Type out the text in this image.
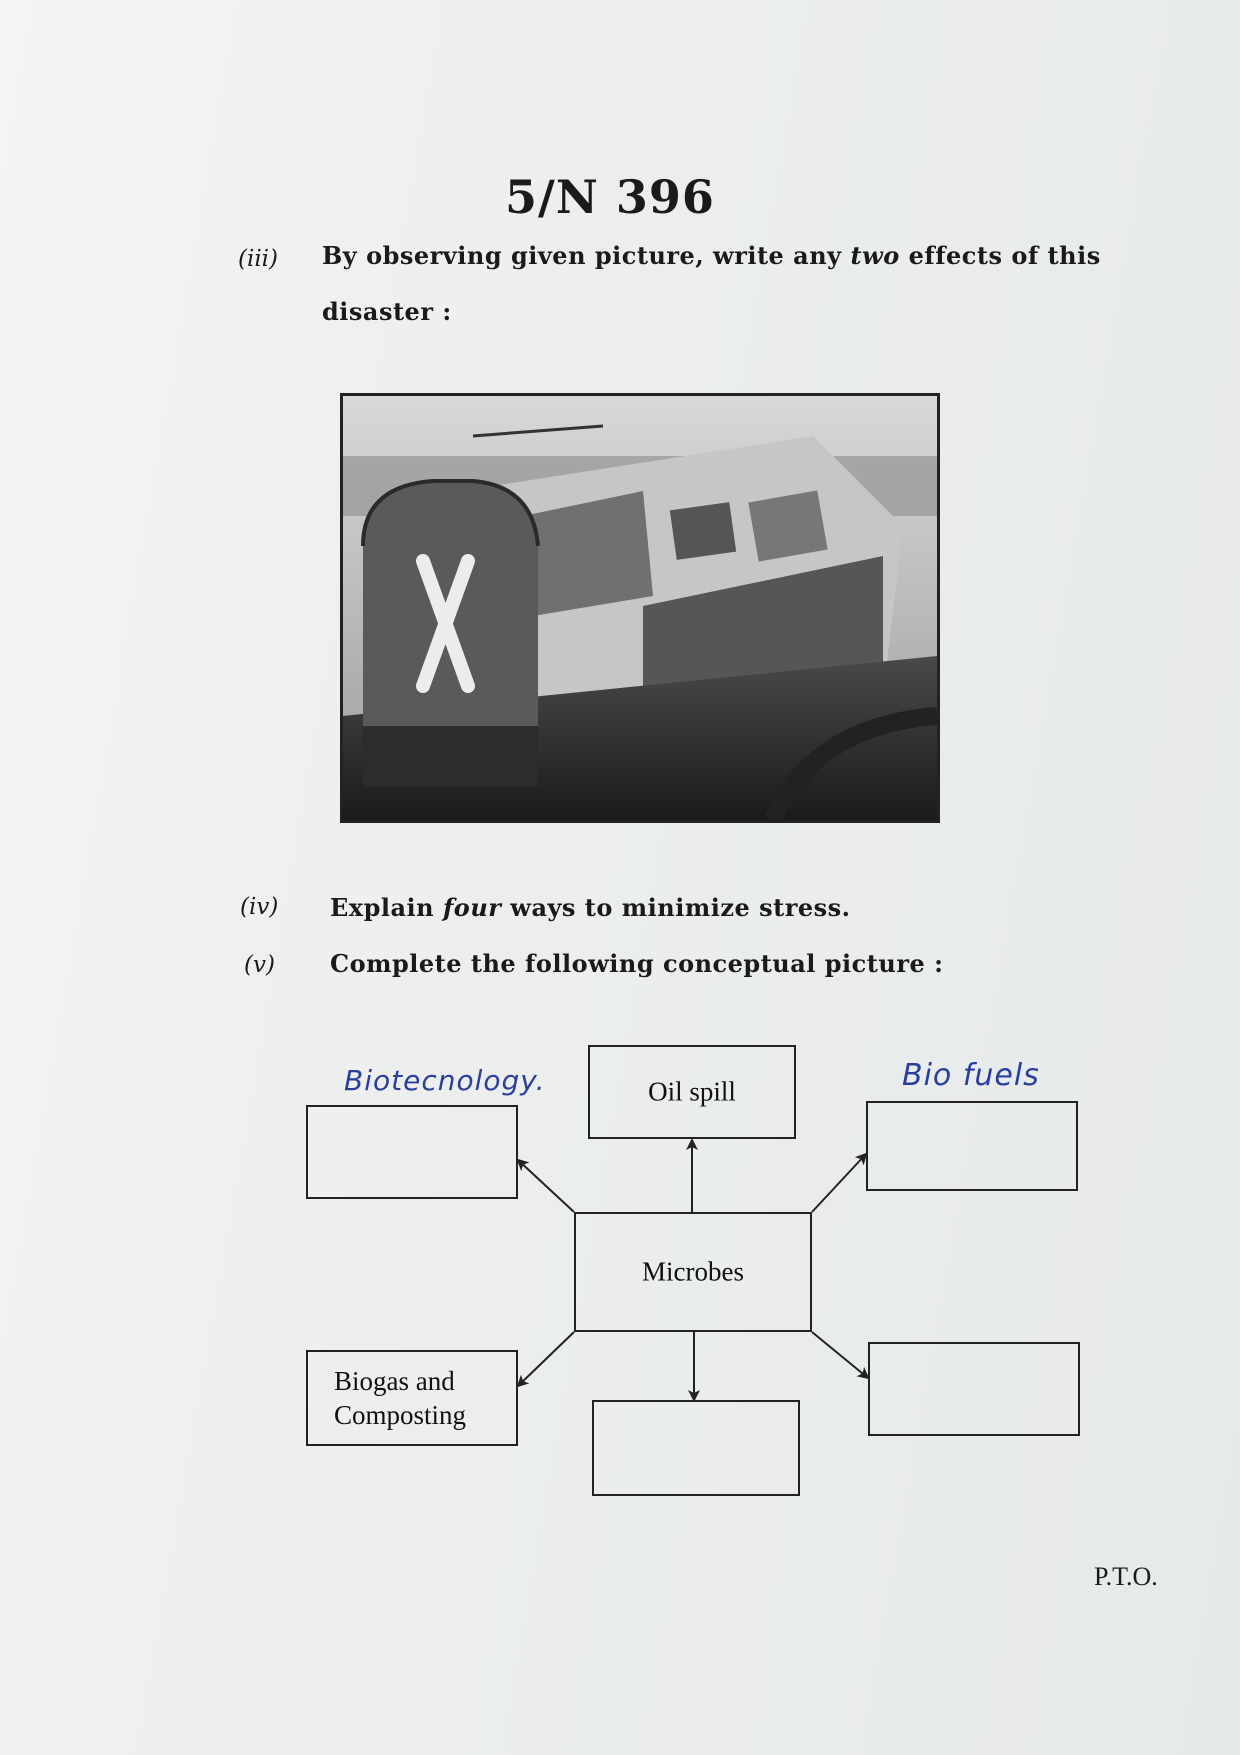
5/N 396
(iii) By observing given picture, write any two effects of this disaster :
(iv) Explain four ways to minimize stress.
(v) Complete the following conceptual picture :
Oil spill
Microbes
Biogas and
Composting
Biotecnology.	Bio fuels
P.T.O.
